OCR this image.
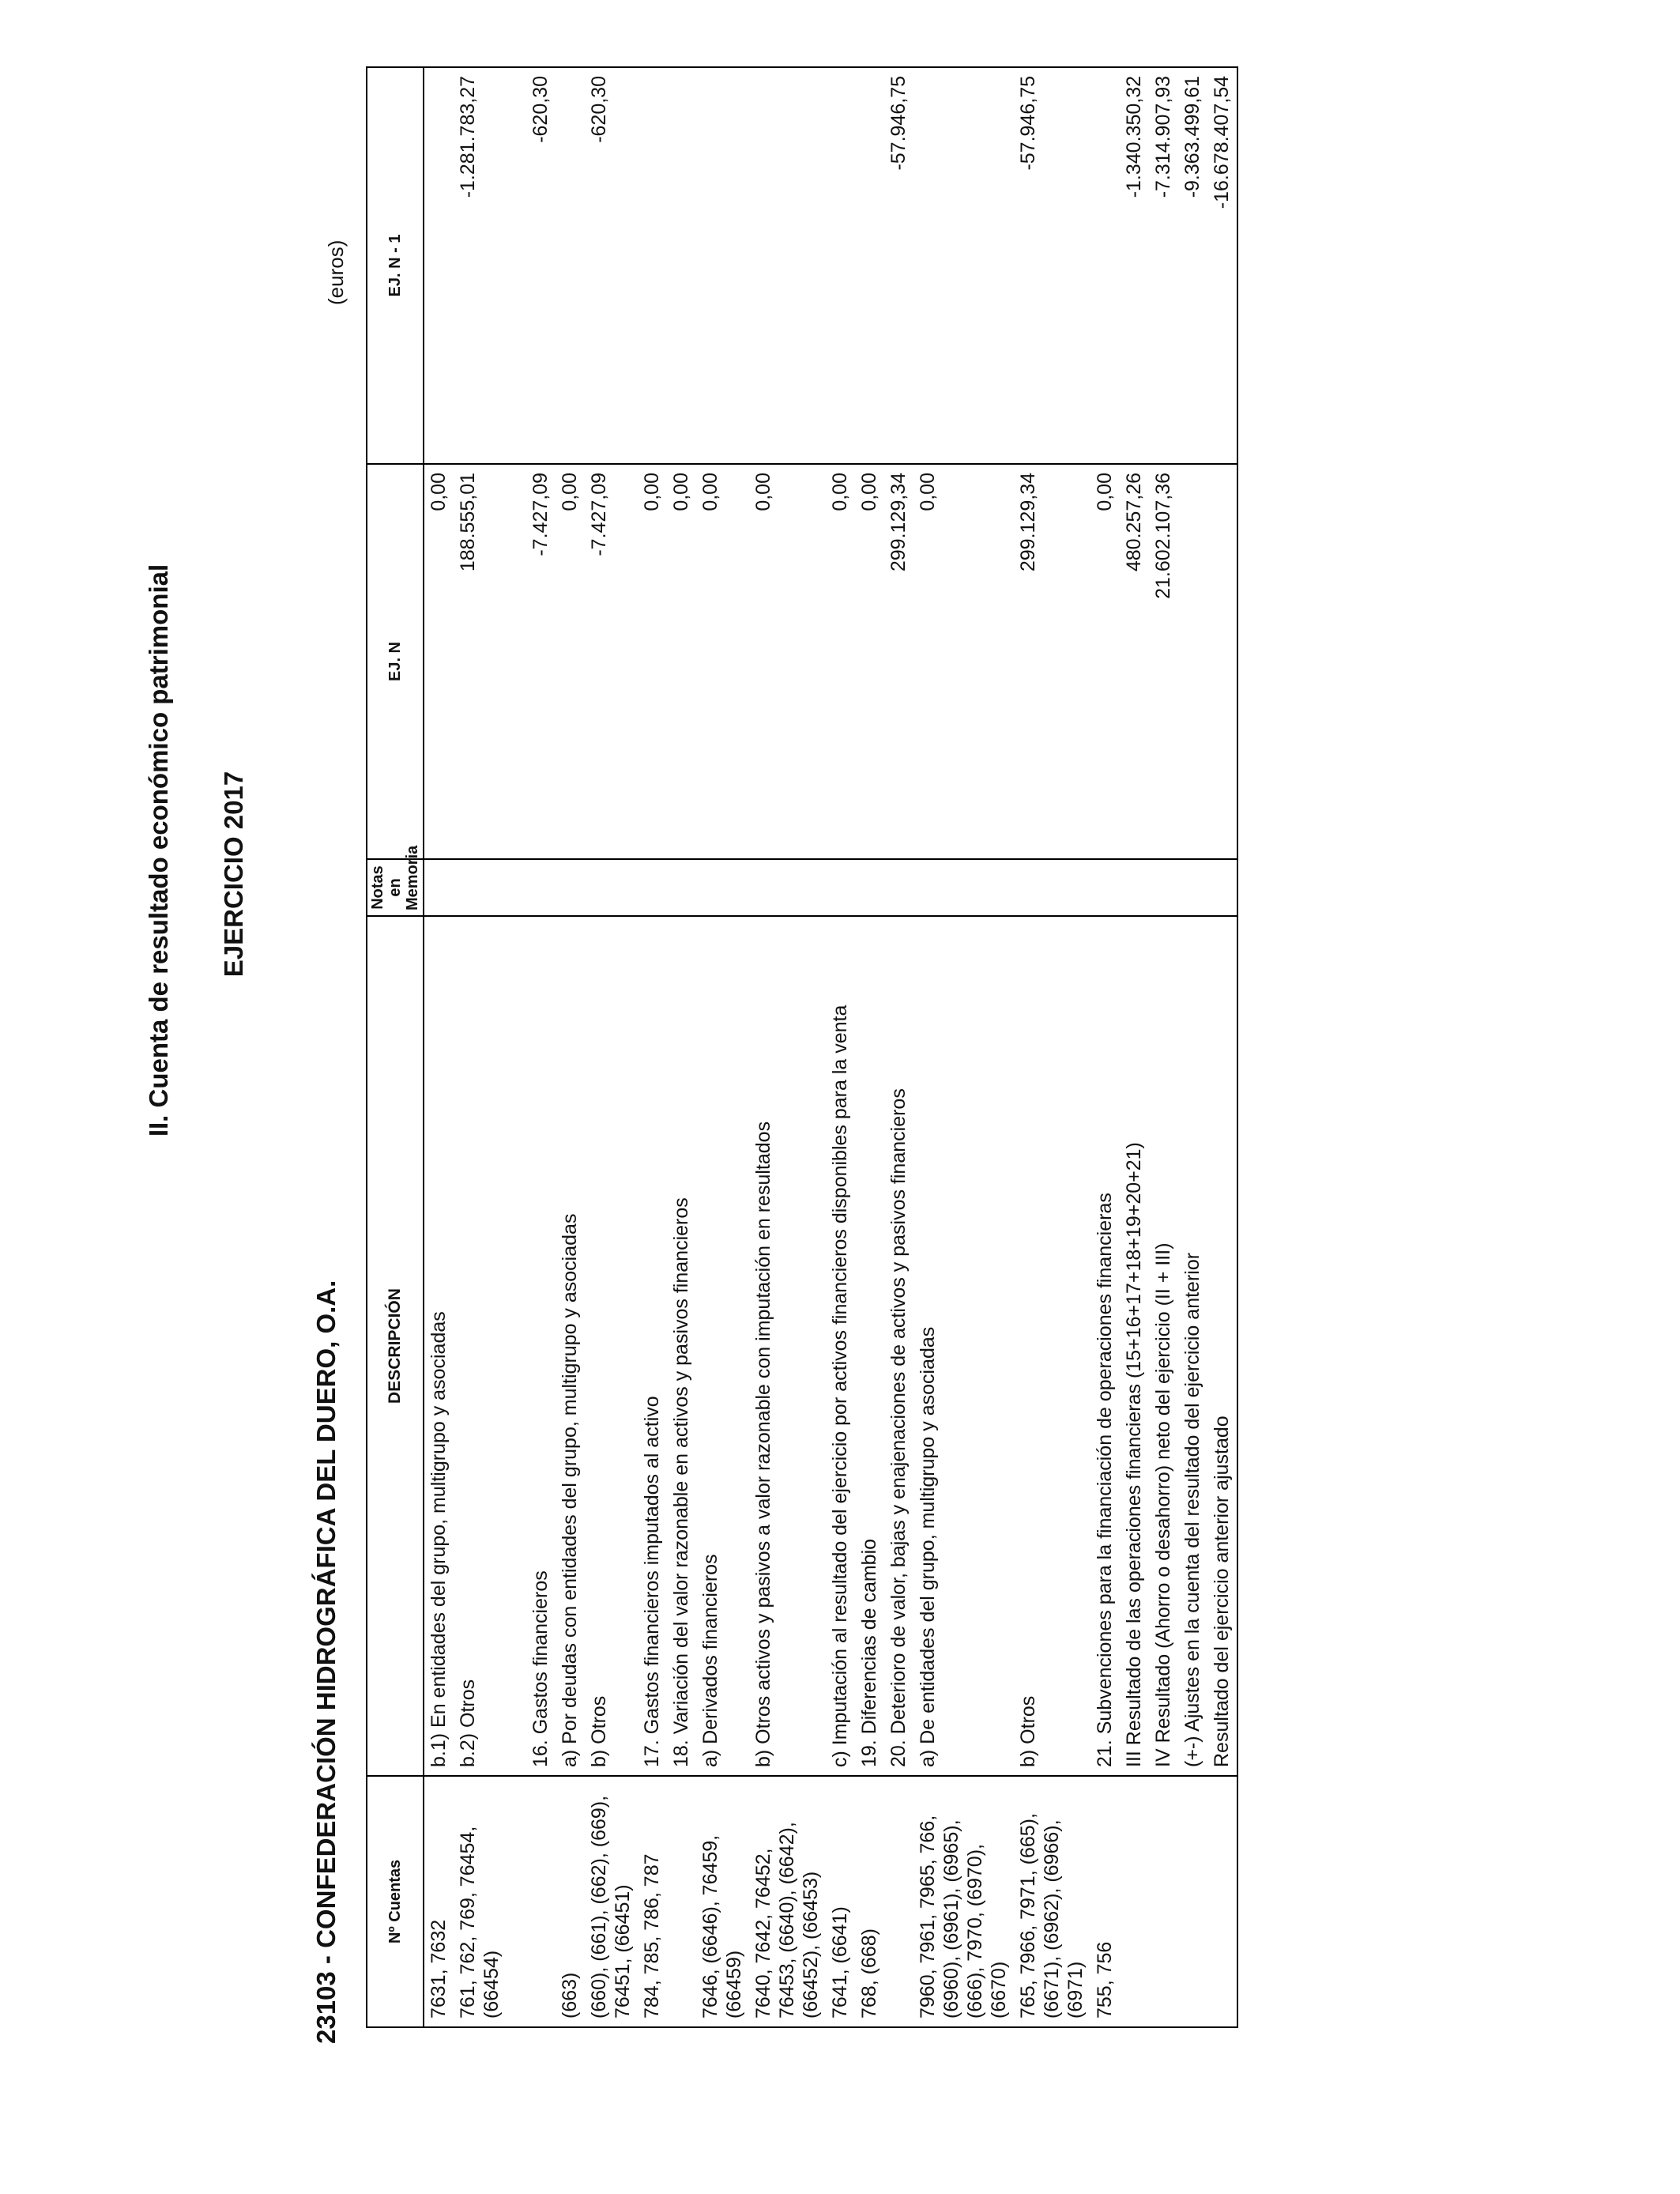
II. Cuenta de resultado económico patrimonial EJERCICIO 2017
23103 - CONFEDERACIÓN HIDROGRÁFICA DEL DUERO, O.A.
(euros)
Nº Cuentas	DESCRIPCIÓN	Notas en Memoria	EJ. N	EJ. N - 1
7631, 7632	b.1) En entidades del grupo, multigrupo y asociadas		0,00	
761, 762, 769, 76454, (66454)	b.2) Otros		188.555,01	-1.281.783,27
	16. Gastos financieros		-7.427,09	-620,30
(663)	a) Por deudas con entidades del grupo, multigrupo y asociadas		0,00	
(660), (661), (662), (669), 76451, (66451)	b) Otros		-7.427,09	-620,30
784, 785, 786, 787	17. Gastos financieros imputados al activo		0,00	
	18. Variación del valor razonable en activos y pasivos financieros		0,00	
7646, (6646), 76459, (66459)	a) Derivados financieros		0,00	
7640, 7642, 76452, 76453, (6640), (6642), (66452), (66453)	b) Otros activos y pasivos a valor razonable con imputación en resultados		0,00	
7641, (6641)	c) Imputación al resultado del ejercicio por activos financieros disponibles para la venta		0,00	
768, (668)	19. Diferencias de cambio		0,00	
	20. Deterioro de valor, bajas y enajenaciones de activos y pasivos financieros		299.129,34	-57.946,75
7960, 7961, 7965, 766, (6960), (6961), (6965), (666), 7970, (6970), (6670)	a) De entidades del grupo, multigrupo y asociadas		0,00	
765, 7966, 7971, (665), (6671), (6962), (6966), (6971)	b) Otros		299.129,34	-57.946,75
755, 756	21. Subvenciones para la financiación de operaciones financieras		0,00	
	III Resultado de las operaciones financieras (15+16+17+18+19+20+21)		480.257,26	-1.340.350,32
	IV Resultado (Ahorro o desahorro) neto del ejercicio (II + III)		21.602.107,36	-7.314.907,93
	(+-) Ajustes en la cuenta del resultado del ejercicio anterior			-9.363.499,61
	Resultado del ejercicio anterior ajustado			-16.678.407,54
